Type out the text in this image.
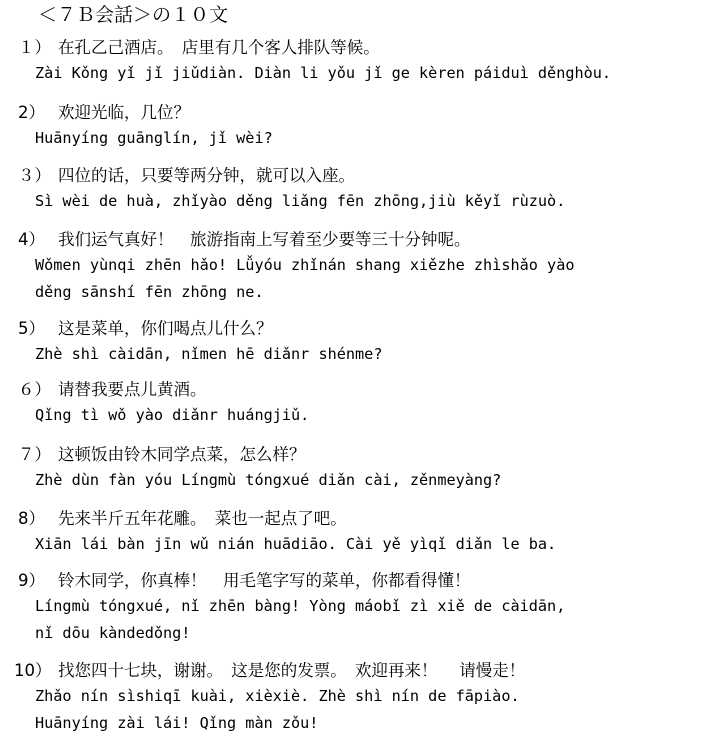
＜７Ｂ会話＞の１０文
１） 在孔乙己酒店。　店里有几个客人排队等候。
Zài Kǒng yǐ jǐ jiǔdiàn. Diàn li yǒu jǐ ge kèren páiduì děnghòu.
2） 欢迎光临，几位？
Huānyíng guānglín, jǐ wèi?
３） 四位的话，只要等两分钟，就可以入座。
Sì wèi de huà, zhǐyào děng liǎng fēn zhōng,jiù kěyǐ rùzuò.
4） 我们运气真好！　旅游指南上写着至少要等三十分钟呢。
Wǒmen yùnqi zhēn hǎo! Lǚyóu zhǐnán shang xiězhe zhìshǎo yào
děng sānshí fēn zhōng ne.
5） 这是菜单，你们喝点儿什么？
Zhè shì càidān, nǐmen hē diǎnr shénme?
６） 请替我要点儿黄酒。
Qǐng tì wǒ yào diǎnr huángjiǔ.
７） 这顿饭由铃木同学点菜，怎么样？
Zhè dùn fàn yóu Língmù tóngxué diǎn cài, zěnmeyàng?
8） 先来半斤五年花雕。　菜也一起点了吧。
Xiān lái bàn jīn wǔ nián huādiāo. Cài yě yìqǐ diǎn le ba.
9） 铃木同学，你真棒！　用毛笔字写的菜单，你都看得懂！
Língmù tóngxué, nǐ zhēn bàng! Yòng máobǐ zì xiě de càidān,
nǐ dōu kàndedǒng!
10） 找您四十七块，谢谢。　这是您的发票。　欢迎再来！　 请慢走！
Zhǎo nín sìshiqī kuài, xièxiè. Zhè shì nín de fāpiào.
Huānyíng zài lái! Qǐng màn zǒu!
